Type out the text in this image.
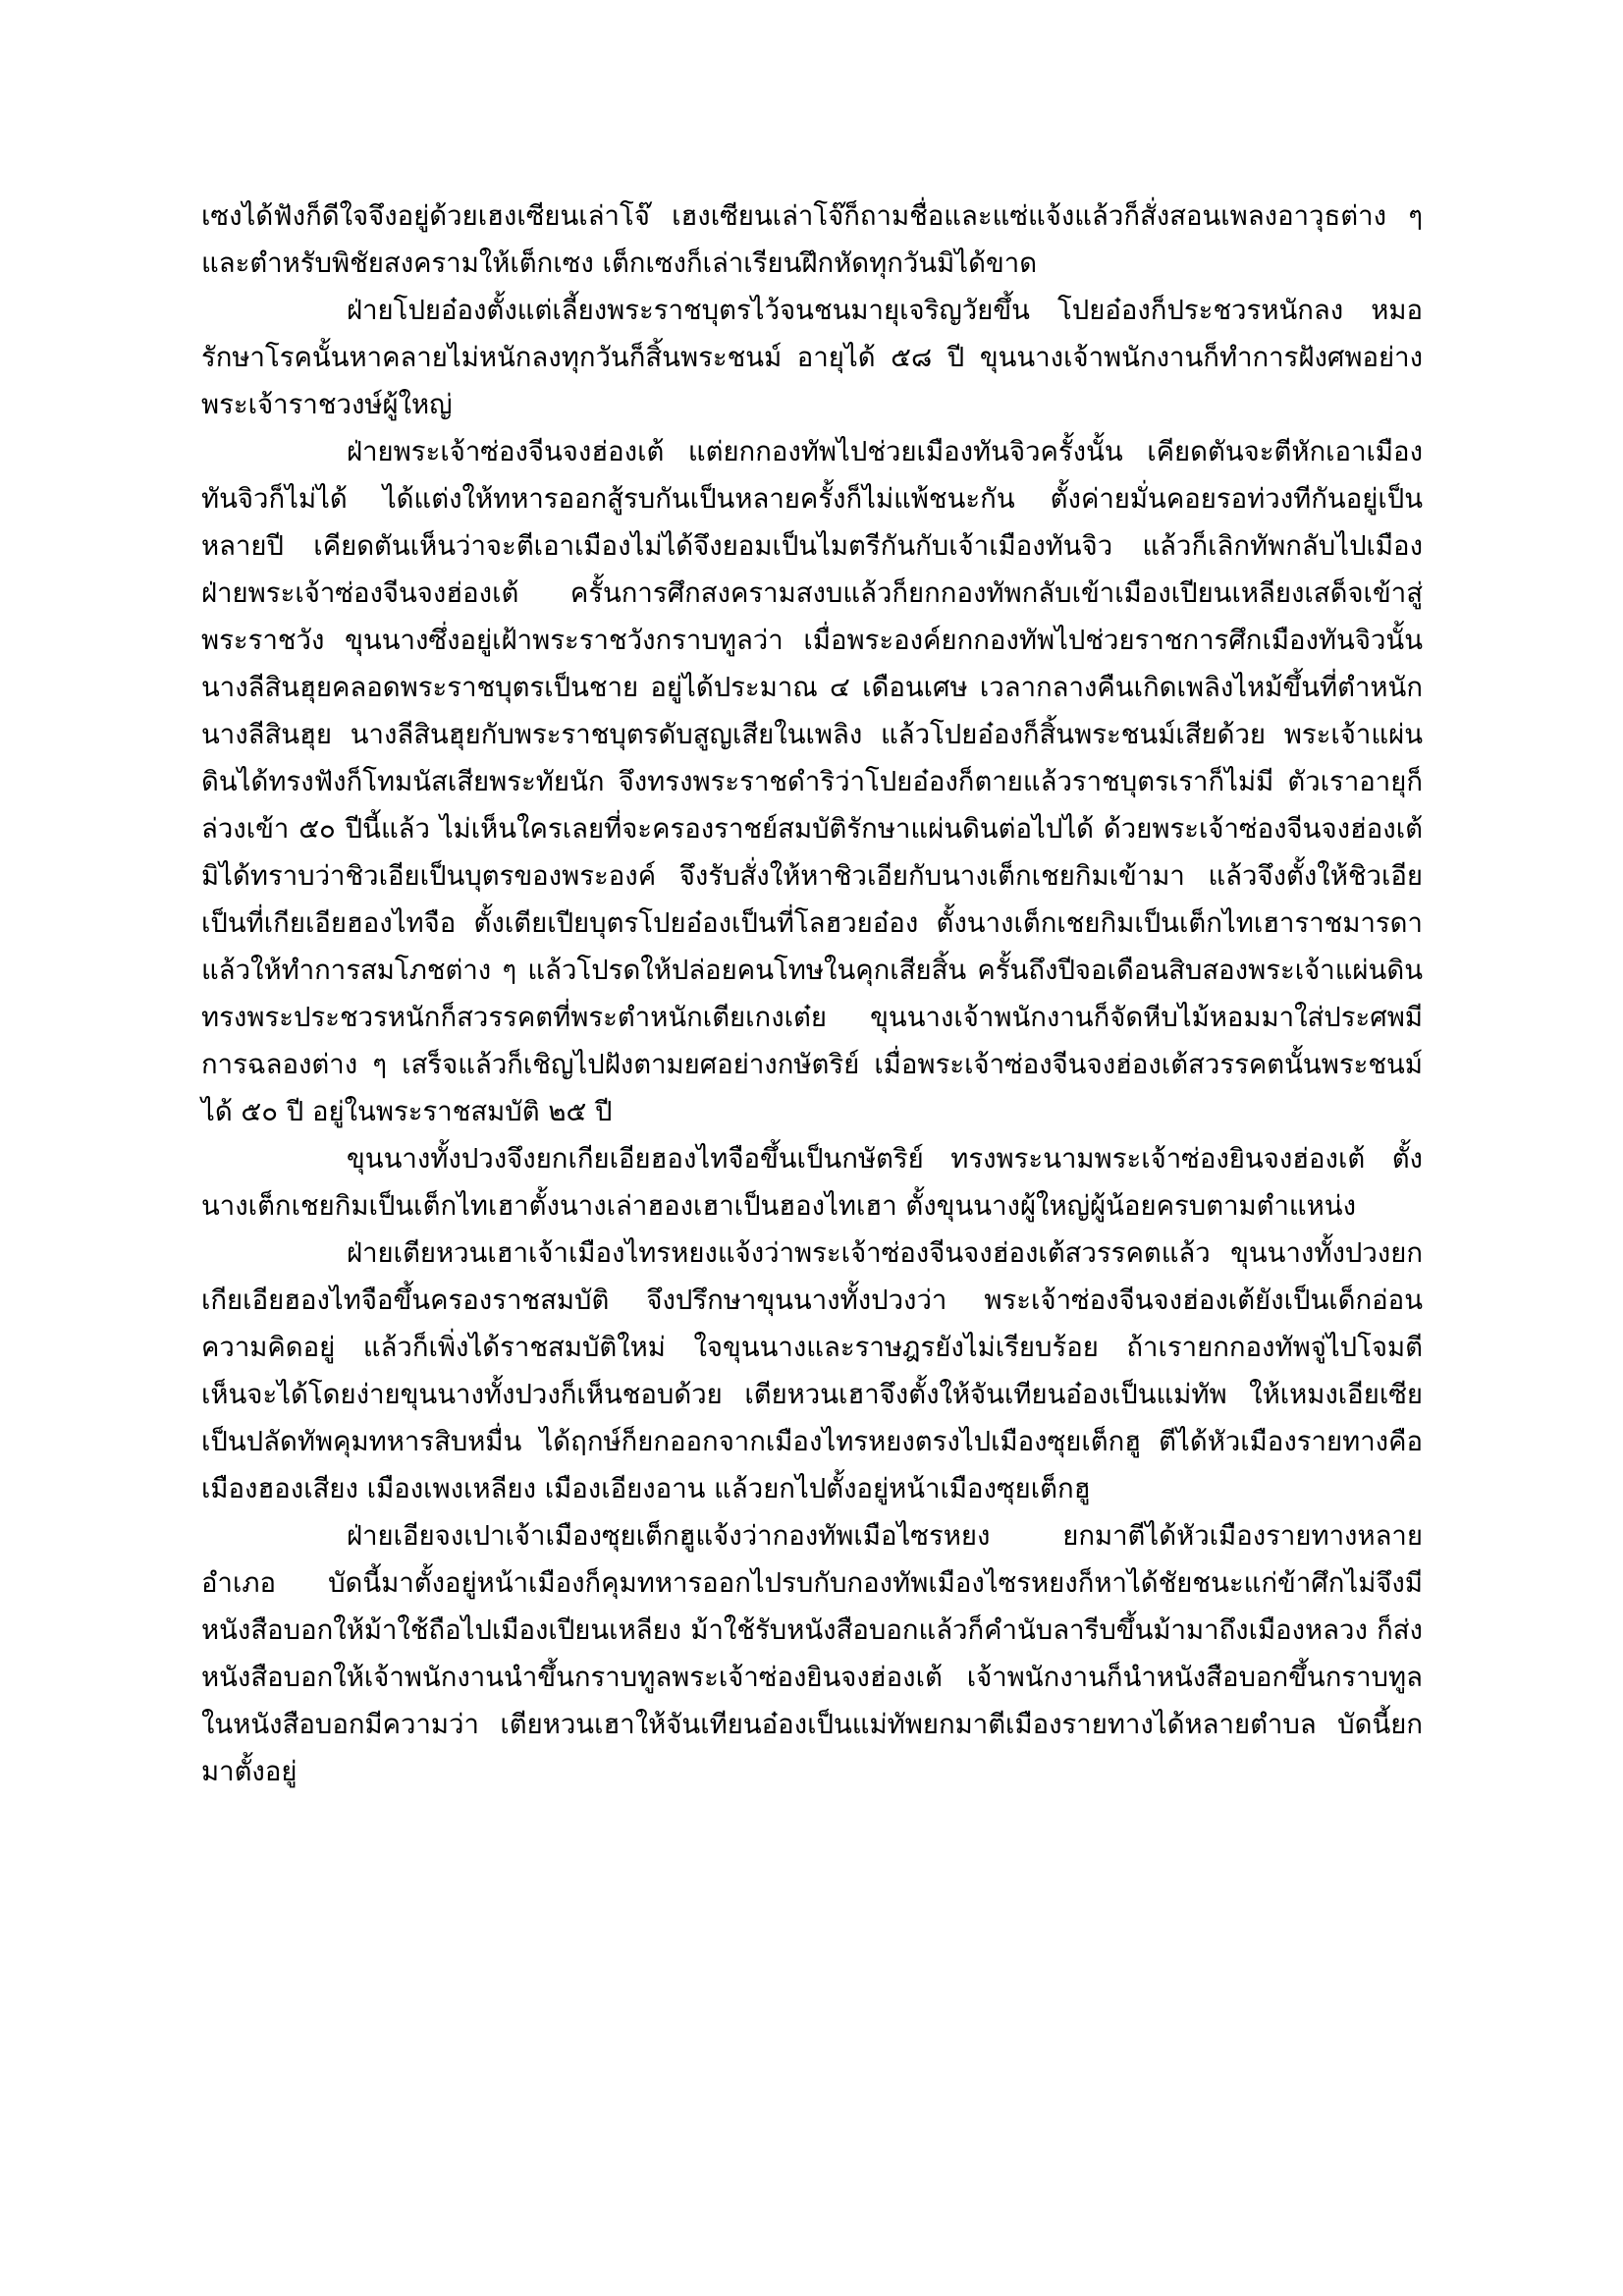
เซงได้ฟังก็ดีใจจึงอยู่ด้วยเฮงเซียนเล่าโจ๊ เฮงเซียนเล่าโจ๊ก็ถามชื่อและแซ่แจ้งแล้วก็สั่งสอนเพลงอาวุธต่าง ๆ และตำหรับพิชัยสงครามให้เต็กเซง เต็กเซงก็เล่าเรียนฝึกหัดทุกวันมิได้ขาด

ฝ่ายโปยอ๋องตั้งแต่เลี้ยงพระราชบุตรไว้จนชนมายุเจริญวัยขึ้น โปยอ๋องก็ประชวรหนักลง หมอรักษาโรคนั้นหาคลายไม่หนักลงทุกวันก็สิ้นพระชนม์ อายุได้ ๕๘ ปี ขุนนางเจ้าพนักงานก็ทำการฝังศพอย่างพระเจ้าราชวงษ์ผู้ใหญ่

ฝ่ายพระเจ้าซ่องจีนจงฮ่องเต้ แต่ยกกองทัพไปช่วยเมืองทันจิวครั้งนั้น เคียดตันจะตีหักเอาเมืองทันจิวก็ไม่ได้ ได้แต่งให้ทหารออกสู้รบกันเป็นหลายครั้งก็ไม่แพ้ชนะกัน ตั้งค่ายมั่นคอยรอท่วงทีกันอยู่เป็นหลายปี เคียดตันเห็นว่าจะตีเอาเมืองไม่ได้จึงยอมเป็นไมตรีกันกับเจ้าเมืองทันจิว แล้วก็เลิกทัพกลับไปเมือง ฝ่ายพระเจ้าซ่องจีนจงฮ่องเต้ ครั้นการศึกสงครามสงบแล้วก็ยกกองทัพกลับเข้าเมืองเปียนเหลียงเสด็จเข้าสู่พระราชวัง ขุนนางซึ่งอยู่เฝ้าพระราชวังกราบทูลว่า เมื่อพระองค์ยกกองทัพไปช่วยราชการศึกเมืองทันจิวนั้น นางลีสินฮุยคลอดพระราชบุตรเป็นชาย อยู่ได้ประมาณ ๔ เดือนเศษ เวลากลางคืนเกิดเพลิงไหม้ขึ้นที่ตำหนักนางลีสินฮุย นางลีสินฮุยกับพระราชบุตรดับสูญเสียในเพลิง แล้วโปยอ๋องก็สิ้นพระชนม์เสียด้วย พระเจ้าแผ่นดินได้ทรงฟังก็โทมนัสเสียพระทัยนัก จึงทรงพระราชดำริว่าโปยอ๋องก็ตายแล้วราชบุตรเราก็ไม่มี ตัวเราอายุก็ล่วงเข้า ๕๐ ปีนี้แล้ว ไม่เห็นใครเลยที่จะครองราชย์สมบัติรักษาแผ่นดินต่อไปได้ ด้วยพระเจ้าซ่องจีนจงฮ่องเต้มิได้ทราบว่าชิวเอียเป็นบุตรของพระองค์ จึงรับสั่งให้หาชิวเอียกับนางเต็กเชยกิมเข้ามา แล้วจึงตั้งให้ชิวเอียเป็นที่เกียเอียฮองไทจือ ตั้งเตียเปียบุตรโปยอ๋องเป็นที่โลฮวยอ๋อง ตั้งนางเต็กเชยกิมเป็นเต็กไทเฮาราชมารดาแล้วให้ทำการสมโภชต่าง ๆ แล้วโปรดให้ปล่อยคนโทษในคุกเสียสิ้น ครั้นถึงปีจอเดือนสิบสองพระเจ้าแผ่นดินทรงพระประชวรหนักก็สวรรคตที่พระตำหนักเตียเกงเต๋ย ขุนนางเจ้าพนักงานก็จัดหีบไม้หอมมาใส่ประศพมีการฉลองต่าง ๆ เสร็จแล้วก็เชิญไปฝังตามยศอย่างกษัตริย์ เมื่อพระเจ้าซ่องจีนจงฮ่องเต้สวรรคตนั้นพระชนม์ได้ ๕๐ ปี อยู่ในพระราชสมบัติ ๒๕ ปี

ขุนนางทั้งปวงจึงยกเกียเอียฮองไทจือขึ้นเป็นกษัตริย์ ทรงพระนามพระเจ้าซ่องยินจงฮ่องเต้ ตั้งนางเต็กเชยกิมเป็นเต็กไทเฮาตั้งนางเล่าฮองเฮาเป็นฮองไทเฮา ตั้งขุนนางผู้ใหญ่ผู้น้อยครบตามตำแหน่ง

ฝ่ายเตียหวนเฮาเจ้าเมืองไทรหยงแจ้งว่าพระเจ้าซ่องจีนจงฮ่องเต้สวรรคตแล้ว ขุนนางทั้งปวงยกเกียเอียฮองไทจือขึ้นครองราชสมบัติ จึงปรึกษาขุนนางทั้งปวงว่า พระเจ้าซ่องจีนจงฮ่องเต้ยังเป็นเด็กอ่อนความคิดอยู่ แล้วก็เพิ่งได้ราชสมบัติใหม่ ใจขุนนางและราษฎรยังไม่เรียบร้อย ถ้าเรายกกองทัพจู่ไปโจมตีเห็นจะได้โดยง่ายขุนนางทั้งปวงก็เห็นชอบด้วย เตียหวนเฮาจึงตั้งให้จันเทียนอ๋องเป็นแม่ทัพ ให้เหมงเอียเซียเป็นปลัดทัพคุมทหารสิบหมื่น ได้ฤกษ์ก็ยกออกจากเมืองไทรหยงตรงไปเมืองซุยเต็กฮู ตีได้หัวเมืองรายทางคือเมืองฮองเสียง เมืองเพงเหลียง เมืองเอียงอาน แล้วยกไปตั้งอยู่หน้าเมืองซุยเต็กฮู

ฝ่ายเอียจงเปาเจ้าเมืองซุยเต็กฮูแจ้งว่ากองทัพเมือไซรหยง ยกมาตีได้หัวเมืองรายทางหลายอำเภอ บัดนี้มาตั้งอยู่หน้าเมืองก็คุมทหารออกไปรบกับกองทัพเมืองไซรหยงก็หาได้ชัยชนะแก่ข้าศึกไม่จึงมีหนังสือบอกให้ม้าใช้ถือไปเมืองเปียนเหลียง ม้าใช้รับหนังสือบอกแล้วก็คำนับลารีบขึ้นม้ามาถึงเมืองหลวง ก็ส่งหนังสือบอกให้เจ้าพนักงานนำขึ้นกราบทูลพระเจ้าซ่องยินจงฮ่องเต้ เจ้าพนักงานก็นำหนังสือบอกขึ้นกราบทูล ในหนังสือบอกมีความว่า เตียหวนเฮาให้จันเทียนอ๋องเป็นแม่ทัพยกมาตีเมืองรายทางได้หลายตำบล บัดนี้ยกมาตั้งอยู่
